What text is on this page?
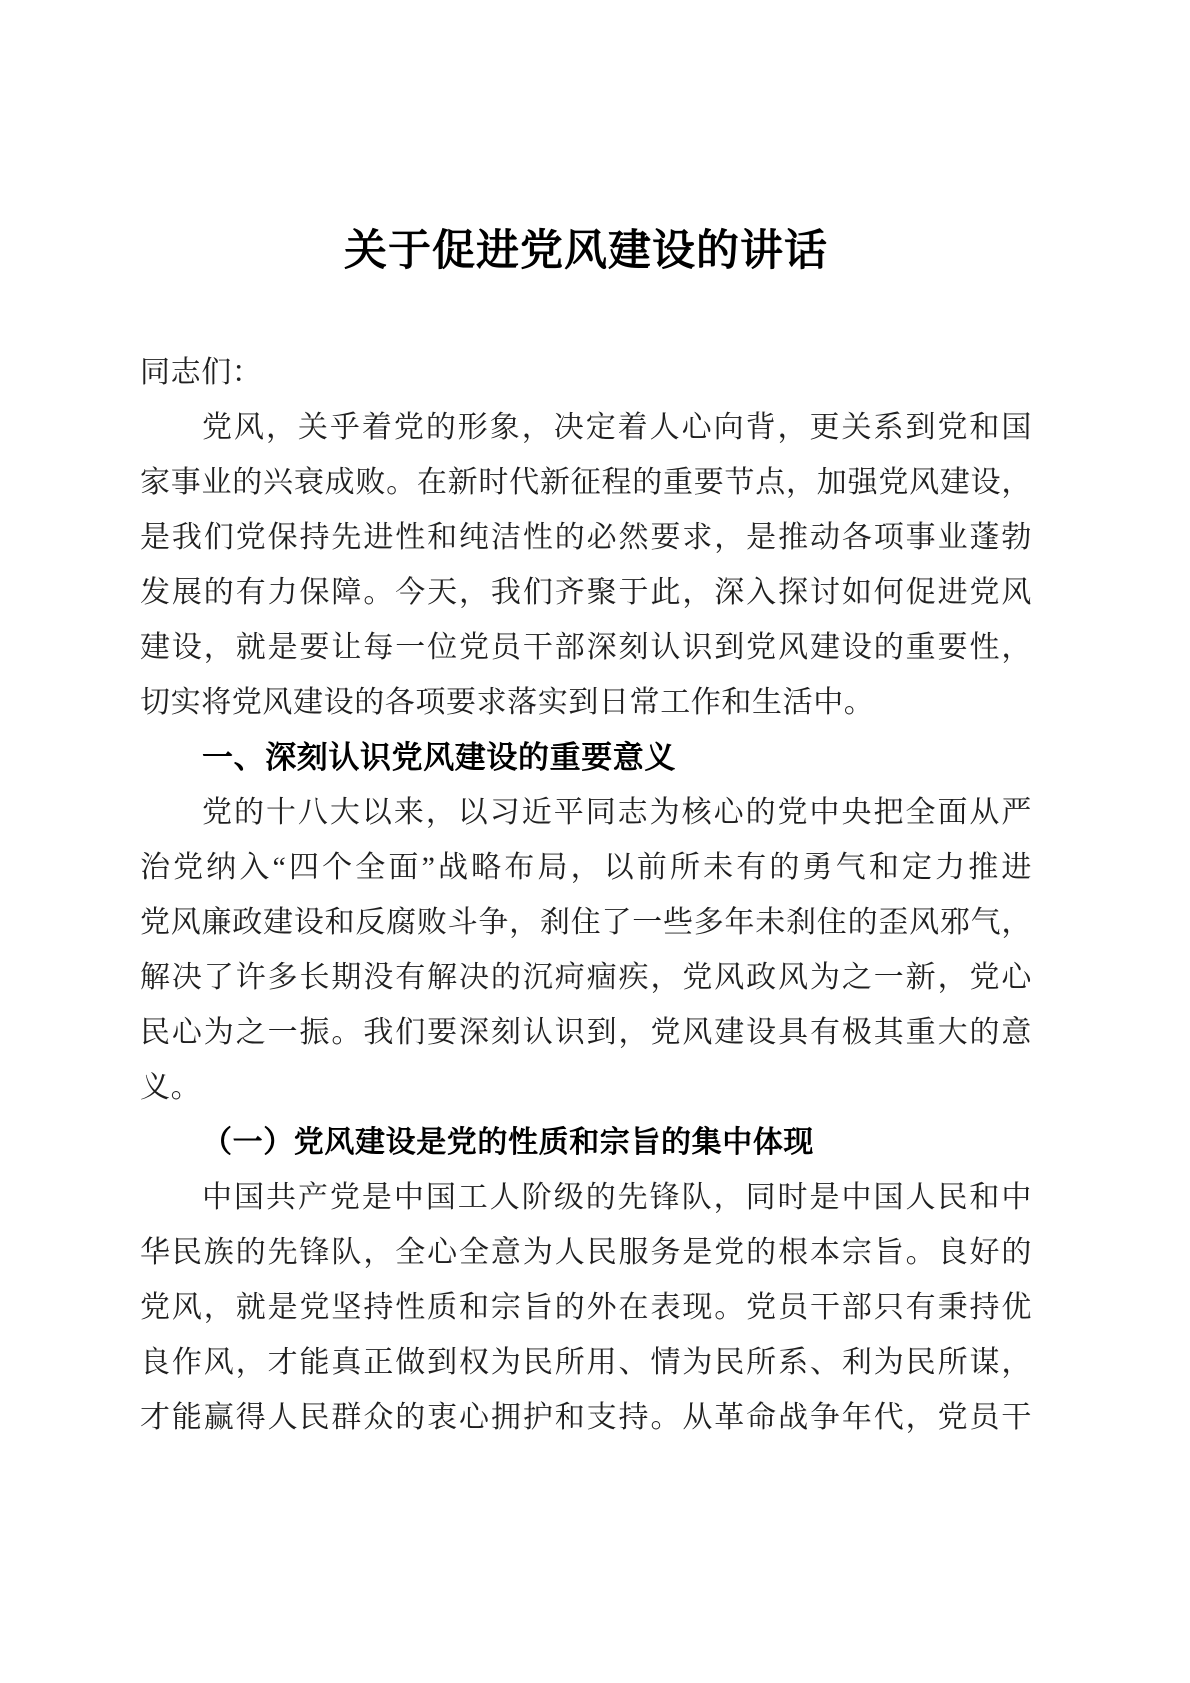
关于促进党风建设的讲话
同志们：
党风，关乎着党的形象，决定着人心向背，更关系到党和国
家事业的兴衰成败。在新时代新征程的重要节点，加强党风建设，
是我们党保持先进性和纯洁性的必然要求，是推动各项事业蓬勃
发展的有力保障。今天，我们齐聚于此，深入探讨如何促进党风
建设，就是要让每一位党员干部深刻认识到党风建设的重要性，
切实将党风建设的各项要求落实到日常工作和生活中。
一、深刻认识党风建设的重要意义
党的十八大以来，以习近平同志为核心的党中央把全面从严
治党纳入“四个全面”战略布局，以前所未有的勇气和定力推进
党风廉政建设和反腐败斗争，刹住了一些多年未刹住的歪风邪气，
解决了许多长期没有解决的沉疴痼疾，党风政风为之一新，党心
民心为之一振。我们要深刻认识到，党风建设具有极其重大的意
义。
（一）党风建设是党的性质和宗旨的集中体现
中国共产党是中国工人阶级的先锋队，同时是中国人民和中
华民族的先锋队，全心全意为人民服务是党的根本宗旨。良好的
党风，就是党坚持性质和宗旨的外在表现。党员干部只有秉持优
良作风，才能真正做到权为民所用、情为民所系、利为民所谋，
才能赢得人民群众的衷心拥护和支持。从革命战争年代，党员干
